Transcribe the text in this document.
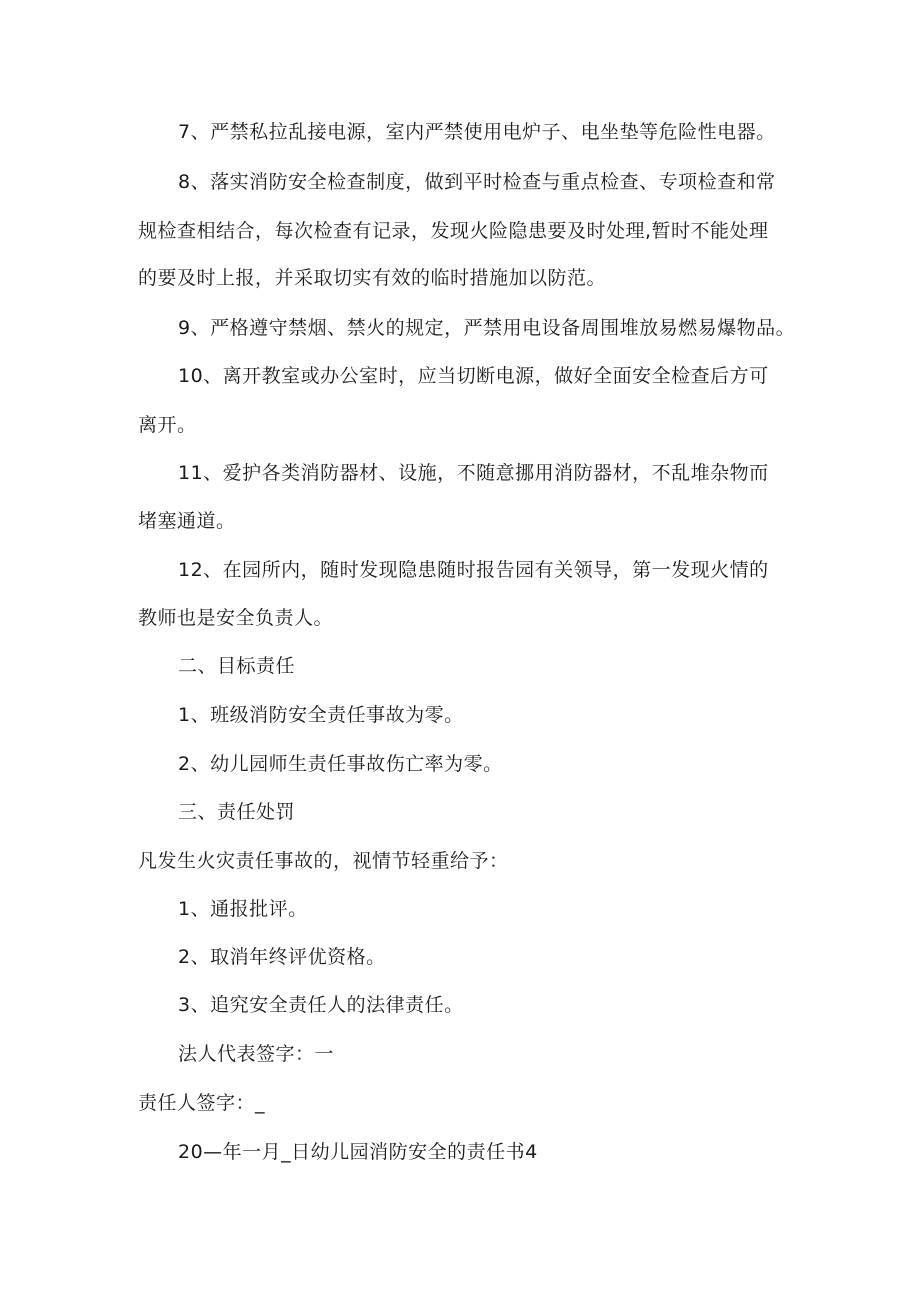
7、严禁私拉乱接电源，室内严禁使用电炉子、电坐垫等危险性电器。
8、落实消防安全检查制度，做到平时检查与重点检查、专项检查和常
规检查相结合，每次检查有记录，发现火险隐患要及时处理,暂时不能处理
的要及时上报，并采取切实有效的临时措施加以防范。
9、严格遵守禁烟、禁火的规定，严禁用电设备周围堆放易燃易爆物品。
10、离开教室或办公室时，应当切断电源，做好全面安全检查后方可
离开。
11、爱护各类消防器材、设施，不随意挪用消防器材，不乱堆杂物而
堵塞通道。
12、在园所内，随时发现隐患随时报告园有关领导，第一发现火情的
教师也是安全负责人。
二、目标责任
1、班级消防安全责任事故为零。
2、幼儿园师生责任事故伤亡率为零。
三、责任处罚
凡发生火灾责任事故的，视情节轻重给予：
1、通报批评。
2、取消年终评优资格。
3、追究安全责任人的法律责任。
法人代表签字：一
责任人签字：_
20—年一月_日幼儿园消防安全的责任书4
